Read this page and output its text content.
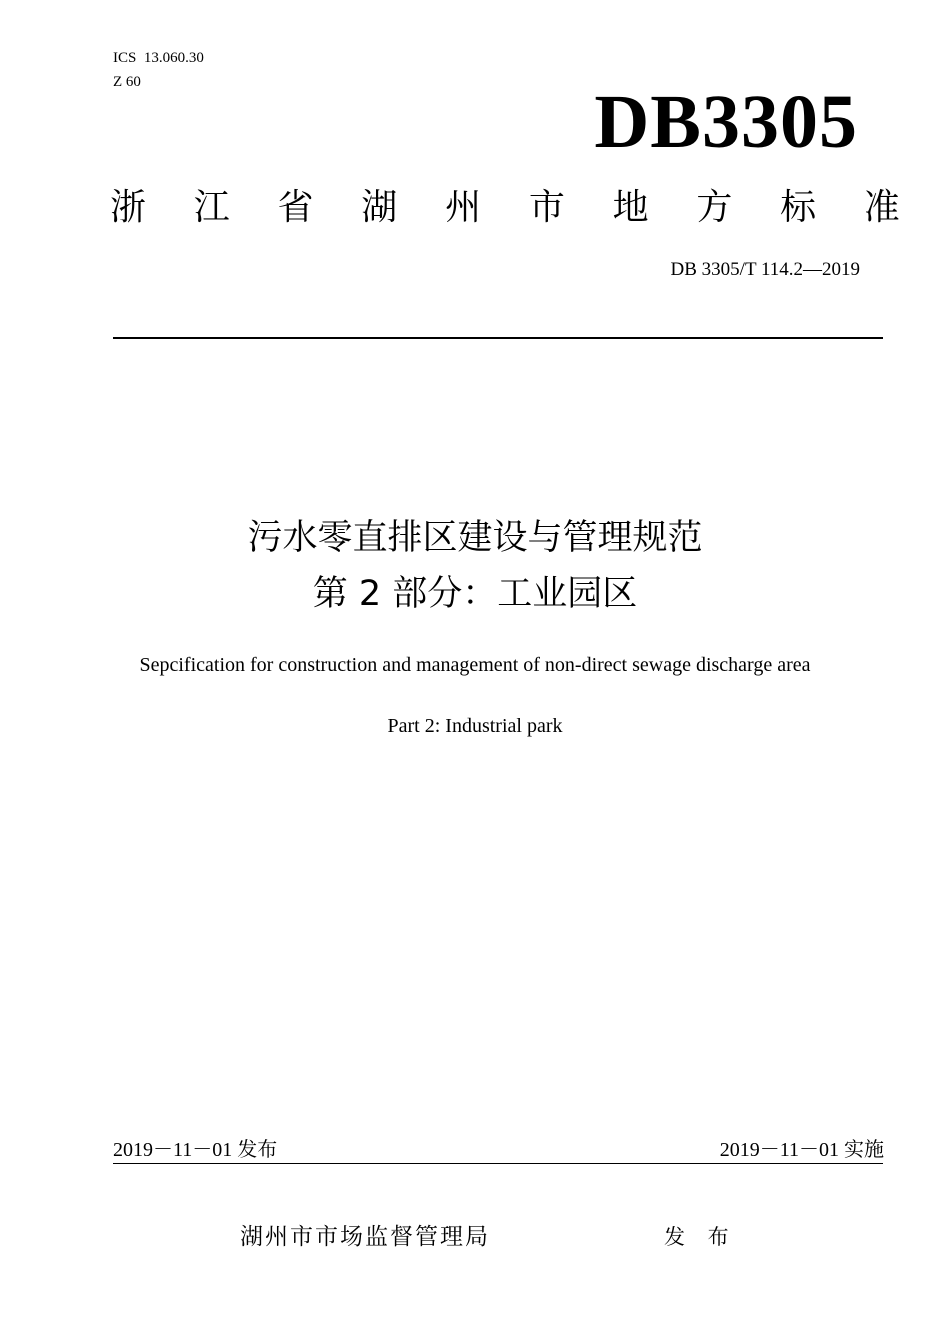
ICS  13.060.30
Z 60	DB3305
浙 江 省 湖 州 市 地 方 标 准
DB 3305/T 114.2—2019
污水零直排区建设与管理规范
第 2 部分：工业园区
Sepcification for construction and management of non-direct sewage discharge area
Part 2: Industrial park
2019－11－01 发布	2019－11－01 实施
湖州市市场监督管理局	发 布
